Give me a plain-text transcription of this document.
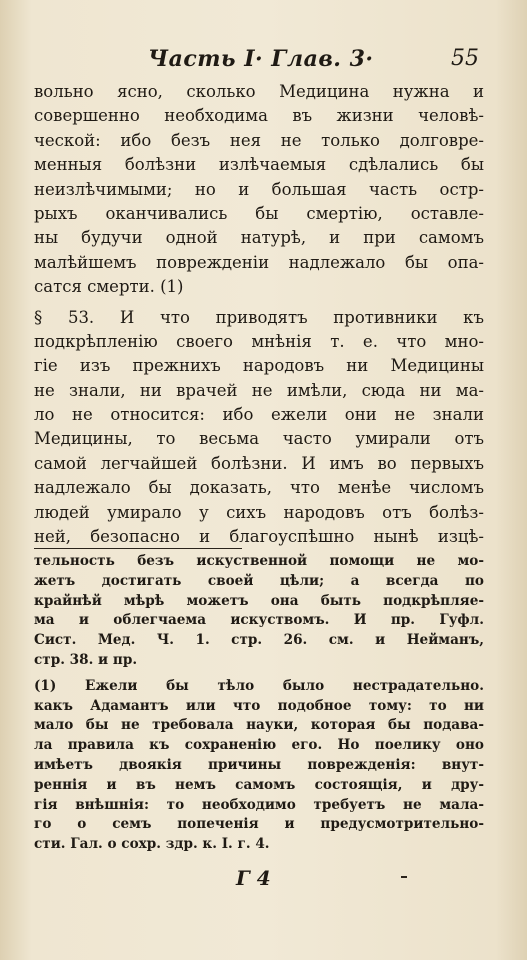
Часть I· Глав. 3·	55
вольно ясно, сколько Медицина нужна и
совершенно необходима въ жизни человѣ-
ческой: ибо безъ нея не только долговре-
менныя болѣзни излѣчаемыя сдѣлались бы
неизлѣчимыми; но и большая часть остр-
рыхъ оканчивались бы смертію, оставле-
ны будучи одной натурѣ, и при самомъ
малѣйшемъ поврежденіи надлежало бы опа-
сатся смерти. (1)
§ 53. И что приводятъ противники къ
подкрѣпленію своего мнѣнія т. е. что мно-
гіе изъ прежнихъ народовъ ни Медицины
не знали, ни врачей не имѣли, сюда ни ма-
ло не относится: ибо ежели они не знали
Медицины, то весьма часто умирали отъ
самой легчайшей болѣзни. И имъ во первыхъ
надлежало бы доказать, что менѣе числомъ
людей умирало у сихъ народовъ отъ болѣз-
ней, безопасно и благоуспѣшно нынѣ изцѣ-
тельность безъ искуственной помощи не мо-
жетъ достигать своей цѣли; а всегда по
крайнѣй мѣрѣ можетъ она быть подкрѣпляе-
ма и облегчаема искуствомъ. И пр. Гуфл.
Сист. Мед. Ч. 1. стр. 26. см. и Нейманъ,
стр. 38. и пр.
(1) Ежели бы тѣло было нестрадательно.
какъ Адамантъ или что подобное тому: то ни
мало бы не требовала науки, которая бы подава-
ла правила къ сохраненію его. Но поелику оно
имѣетъ двоякія причины поврежденія: внут-
реннія и въ немъ самомъ состоящія, и дру-
гія внѣшнія: то необходимо требуетъ не мала-
го о семъ попеченія и предусмотрительно-
сти. Гал. о сохр. здр. к. I. г. 4.
Г 4
